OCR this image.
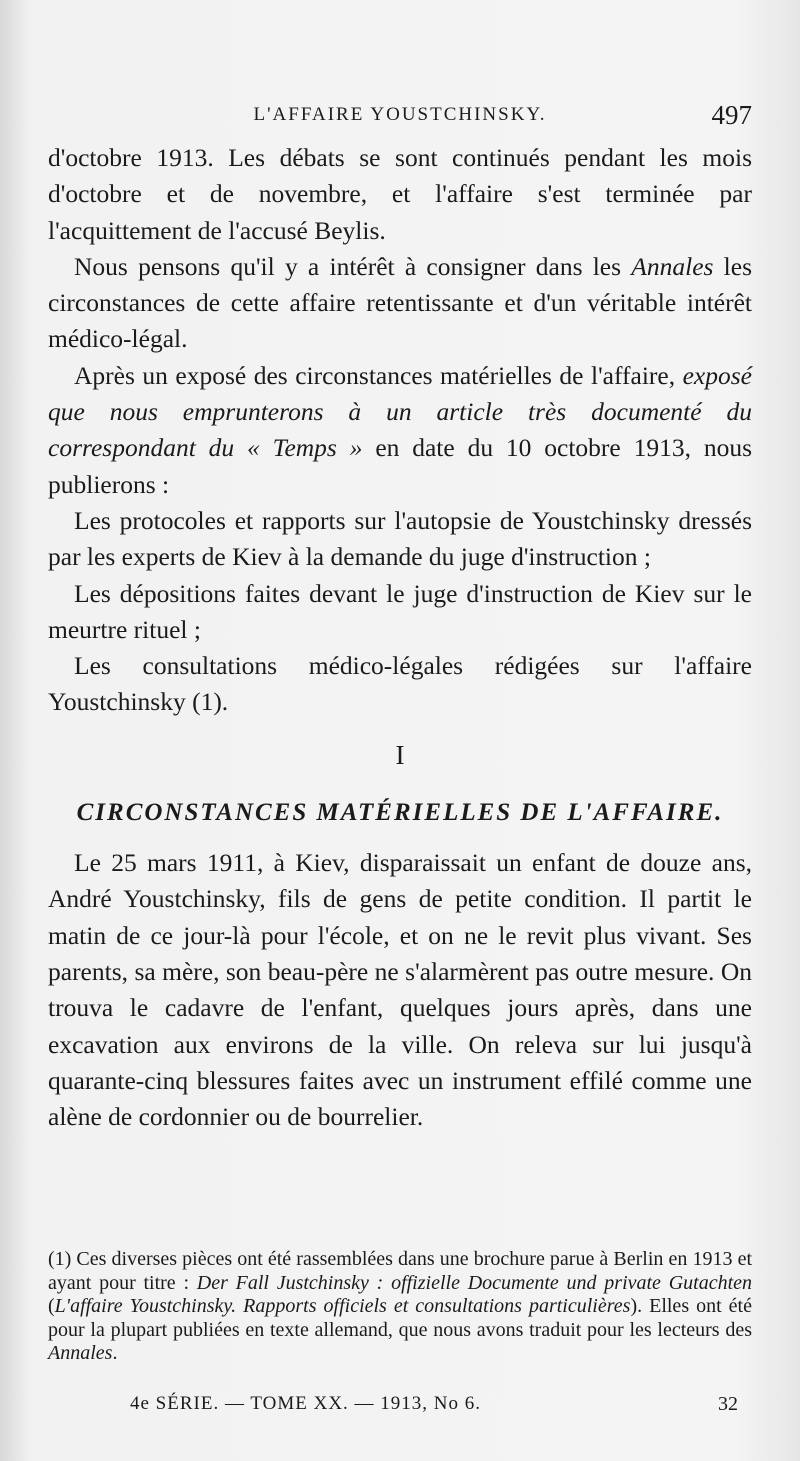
L'AFFAIRE YOUSTCHINSKY.	497

d'octobre 1913. Les débats se sont continués pendant les mois d'octobre et de novembre, et l'affaire s'est terminée par l'acquittement de l'accusé Beylis.

Nous pensons qu'il y a intérêt à consigner dans les Annales les circonstances de cette affaire retentissante et d'un véritable intérêt médico-légal.

Après un exposé des circonstances matérielles de l'affaire, exposé que nous emprunterons à un article très documenté du correspondant du « Temps » en date du 10 octobre 1913, nous publierons :

Les protocoles et rapports sur l'autopsie de Youstchinsky dressés par les experts de Kiev à la demande du juge d'instruction ;

Les dépositions faites devant le juge d'instruction de Kiev sur le meurtre rituel ;

Les consultations médico-légales rédigées sur l'affaire Youstchinsky (1).

I
CIRCONSTANCES MATÉRIELLES DE L'AFFAIRE.

Le 25 mars 1911, à Kiev, disparaissait un enfant de douze ans, André Youstchinsky, fils de gens de petite condition. Il partit le matin de ce jour-là pour l'école, et on ne le revit plus vivant. Ses parents, sa mère, son beau-père ne s'alarmèrent pas outre mesure. On trouva le cadavre de l'enfant, quelques jours après, dans une excavation aux environs de la ville. On releva sur lui jusqu'à quarante-cinq blessures faites avec un instrument effilé comme une alène de cordonnier ou de bourrelier.

(1) Ces diverses pièces ont été rassemblées dans une brochure parue à Berlin en 1913 et ayant pour titre : Der Fall Justchinsky : offizielle Documente und private Gutachten (L'affaire Youstchinsky. Rapports officiels et consultations particulières). Elles ont été pour la plupart publiées en texte allemand, que nous avons traduit pour les lecteurs des Annales.
4e SÉRIE. — TOME XX. — 1913, No 6.	32
